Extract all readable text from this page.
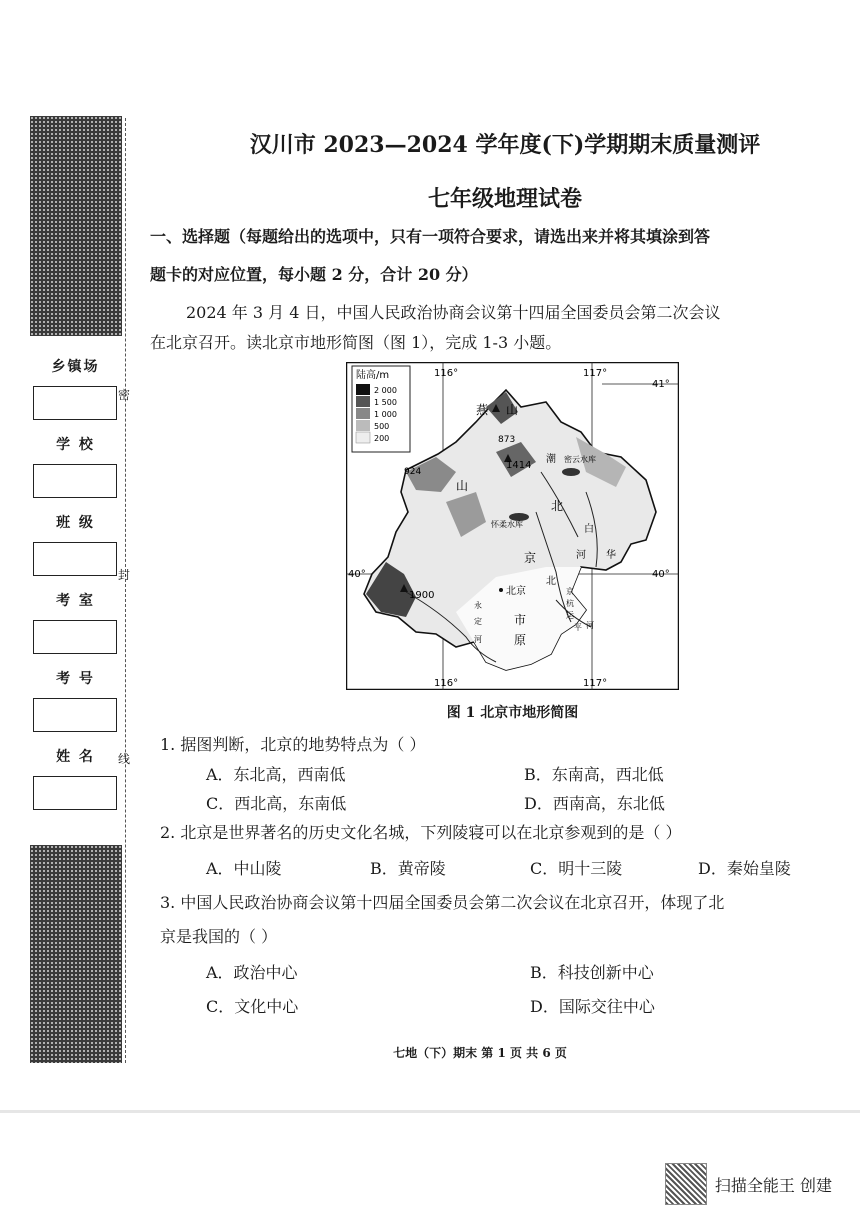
乡镇场
学 校
班 级
考 室
考 号
姓 名
密
封
线
汉川市 2023—2024 学年度(下)学期期末质量测评
七年级地理试卷
一、选择题（每题给出的选项中，只有一项符合要求，请选出来并将其填涂到答
题卡的对应位置，每小题 2 分，合计 20 分）
2024 年 3 月 4 日，中国人民政治协商会议第十四届全国委员会第二次会议
在北京召开。读北京市地形简图（图 1），完成 1-3 小题。
陆高/m
2 000
1 500
1 000
500
200
116°	117°
116°	117°
41°
40°
40°
873
1414
924
1900
燕 山
山
北
京
市
白
河 华
潮
怀柔水库
密云水库
北京
永
定
河
京
杭
运
平 河
原
北
图 1 北京市地形简图
1. 据图判断，北京的地势特点为（ ）
A．东北高，西南低	B．东南高，西北低
C．西北高，东南低	D．西南高，东北低
2. 北京是世界著名的历史文化名城，下列陵寝可以在北京参观到的是（ ）
A．中山陵	B．黄帝陵	C．明十三陵	D．秦始皇陵
3. 中国人民政治协商会议第十四届全国委员会第二次会议在北京召开，体现了北
京是我国的（ ）
A．政治中心	B．科技创新中心
C．文化中心	D．国际交往中心
七地（下）期末 第 1 页 共 6 页
扫描全能王 创建
